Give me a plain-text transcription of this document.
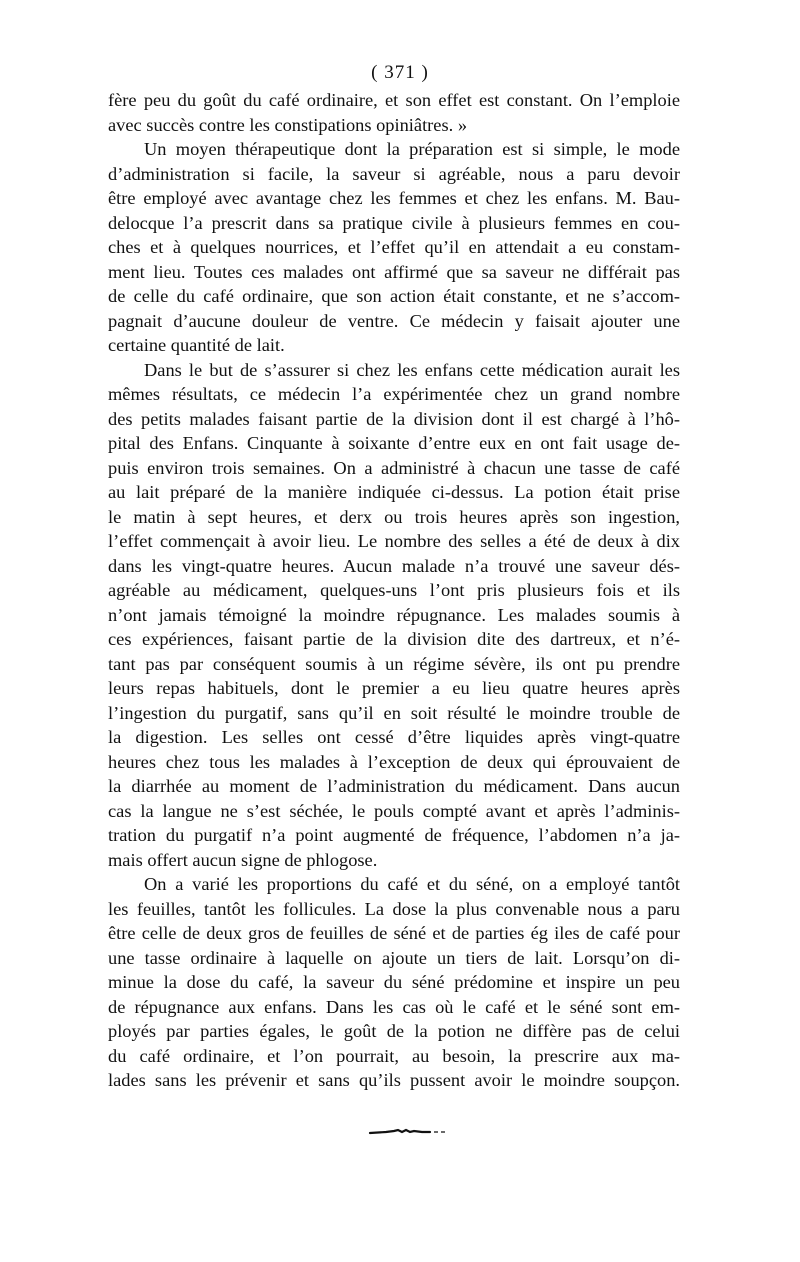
( 371 )
fère peu du goût du café ordinaire, et son effet est constant. On l’emploie
avec succès contre les constipations opiniâtres. »
Un moyen thérapeutique dont la préparation est si simple, le mode
d’administration si facile, la saveur si agréable, nous a paru devoir
être employé avec avantage chez les femmes et chez les enfans. M. Bau-
delocque l’a prescrit dans sa pratique civile à plusieurs femmes en cou-
ches et à quelques nourrices, et l’effet qu’il en attendait a eu constam-
ment lieu. Toutes ces malades ont affirmé que sa saveur ne différait pas
de celle du café ordinaire, que son action était constante, et ne s’accom-
pagnait d’aucune douleur de ventre. Ce médecin y faisait ajouter une
certaine quantité de lait.
Dans le but de s’assurer si chez les enfans cette médication aurait les
mêmes résultats, ce médecin l’a expérimentée chez un grand nombre
des petits malades faisant partie de la division dont il est chargé à l’hô-
pital des Enfans. Cinquante à soixante d’entre eux en ont fait usage de-
puis environ trois semaines. On a administré à chacun une tasse de café
au lait préparé de la manière indiquée ci-dessus. La potion était prise
le matin à sept heures, et derx ou trois heures après son ingestion,
l’effet commençait à avoir lieu. Le nombre des selles a été de deux à dix
dans les vingt-quatre heures. Aucun malade n’a trouvé une saveur dés-
agréable au médicament, quelques-uns l’ont pris plusieurs fois et ils
n’ont jamais témoigné la moindre répugnance. Les malades soumis à
ces expériences, faisant partie de la division dite des dartreux, et n’é-
tant pas par conséquent soumis à un régime sévère, ils ont pu prendre
leurs repas habituels, dont le premier a eu lieu quatre heures après
l’ingestion du purgatif, sans qu’il en soit résulté le moindre trouble de
la digestion. Les selles ont cessé d’être liquides après vingt-quatre
heures chez tous les malades à l’exception de deux qui éprouvaient de
la diarrhée au moment de l’administration du médicament. Dans aucun
cas la langue ne s’est séchée, le pouls compté avant et après l’adminis-
tration du purgatif n’a point augmenté de fréquence, l’abdomen n’a ja-
mais offert aucun signe de phlogose.
On a varié les proportions du café et du séné, on a employé tantôt
les feuilles, tantôt les follicules. La dose la plus convenable nous a paru
être celle de deux gros de feuilles de séné et de parties ég iles de café pour
une tasse ordinaire à laquelle on ajoute un tiers de lait. Lorsqu’on di-
minue la dose du café, la saveur du séné prédomine et inspire un peu
de répugnance aux enfans. Dans les cas où le café et le séné sont em-
ployés par parties égales, le goût de la potion ne diffère pas de celui
du café ordinaire, et l’on pourrait, au besoin, la prescrire aux ma-
lades sans les prévenir et sans qu’ils pussent avoir le moindre soupçon.
